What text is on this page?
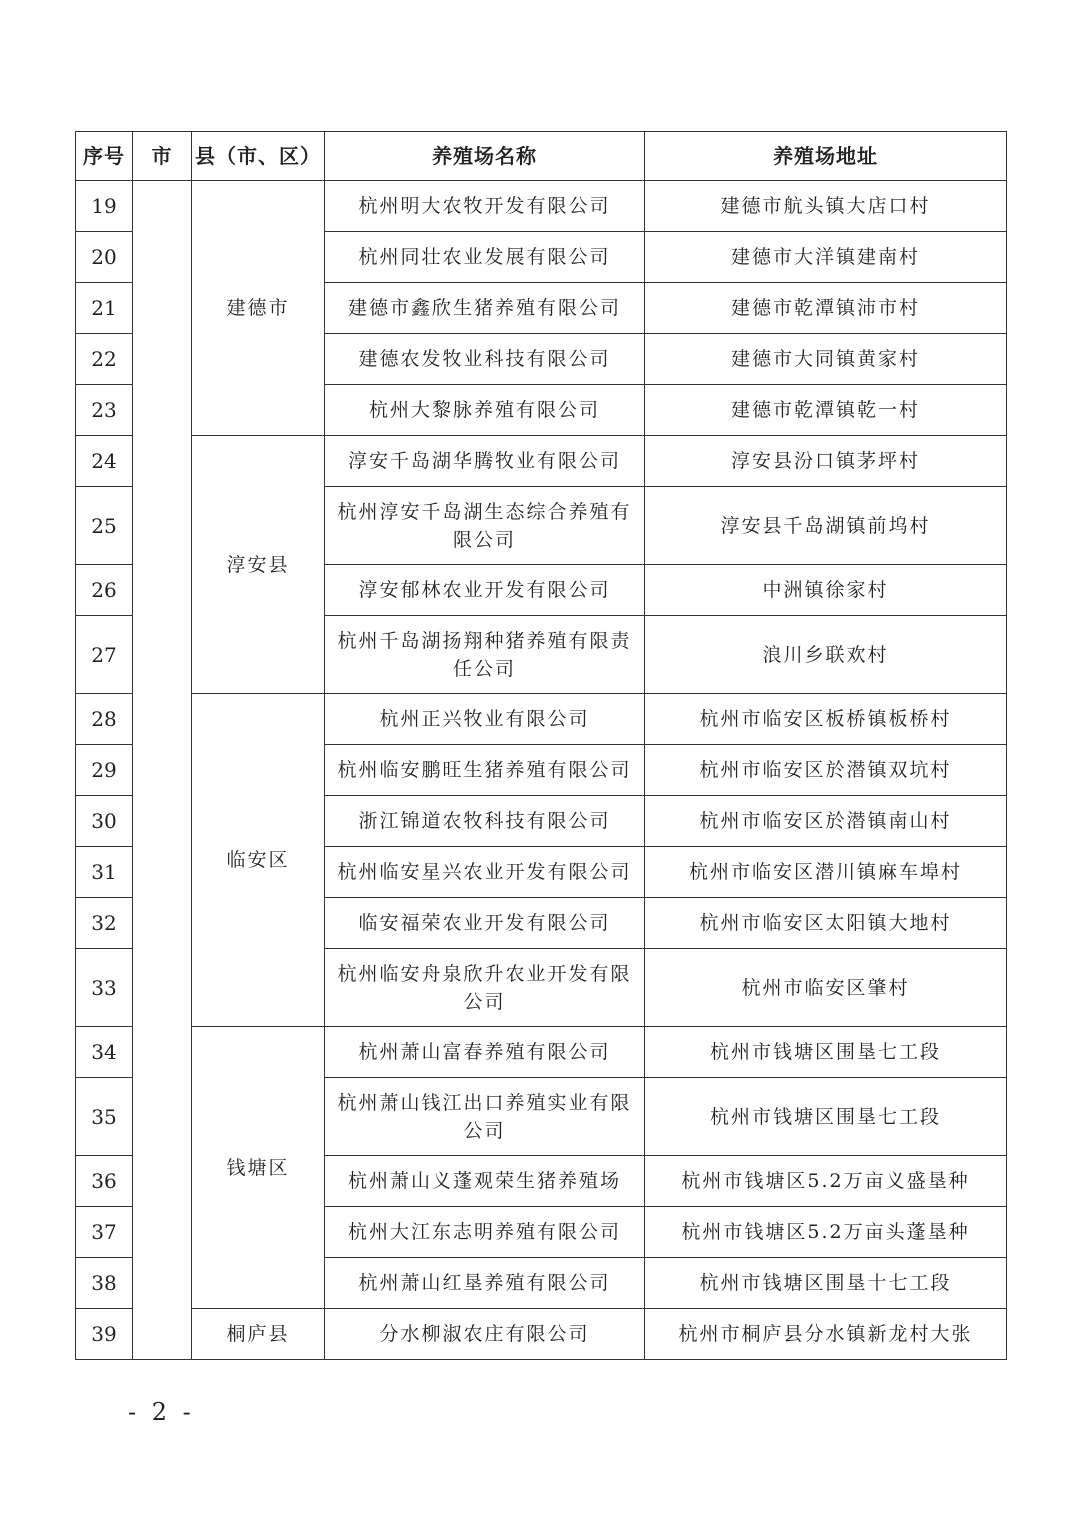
序号	市	县（市、区）	养殖场名称	养殖场地址
19		建德市	杭州明大农牧开发有限公司	建德市航头镇大店口村
20			杭州同壮农业发展有限公司	建德市大洋镇建南村
21			建德市鑫欣生猪养殖有限公司	建德市乾潭镇沛市村
22			建德农发牧业科技有限公司	建德市大同镇黄家村
23			杭州大黎脉养殖有限公司	建德市乾潭镇乾一村
24		淳安县	淳安千岛湖华腾牧业有限公司	淳安县汾口镇茅坪村
25			杭州淳安千岛湖生态综合养殖有限公司	淳安县千岛湖镇前坞村
26			淳安郁林农业开发有限公司	中洲镇徐家村
27			杭州千岛湖扬翔种猪养殖有限责任公司	浪川乡联欢村
28		临安区	杭州正兴牧业有限公司	杭州市临安区板桥镇板桥村
29			杭州临安鹏旺生猪养殖有限公司	杭州市临安区於潜镇双坑村
30			浙江锦道农牧科技有限公司	杭州市临安区於潜镇南山村
31			杭州临安星兴农业开发有限公司	杭州市临安区潜川镇麻车埠村
32			临安福荣农业开发有限公司	杭州市临安区太阳镇大地村
33			杭州临安舟泉欣升农业开发有限公司	杭州市临安区肇村
34		钱塘区	杭州萧山富春养殖有限公司	杭州市钱塘区围垦七工段
35			杭州萧山钱江出口养殖实业有限公司	杭州市钱塘区围垦七工段
36			杭州萧山义蓬观荣生猪养殖场	杭州市钱塘区5.2万亩义盛垦种
37			杭州大江东志明养殖有限公司	杭州市钱塘区5.2万亩头蓬垦种
38			杭州萧山红垦养殖有限公司	杭州市钱塘区围垦十七工段
39		桐庐县	分水柳淑农庄有限公司	杭州市桐庐县分水镇新龙村大张
- 2 -
